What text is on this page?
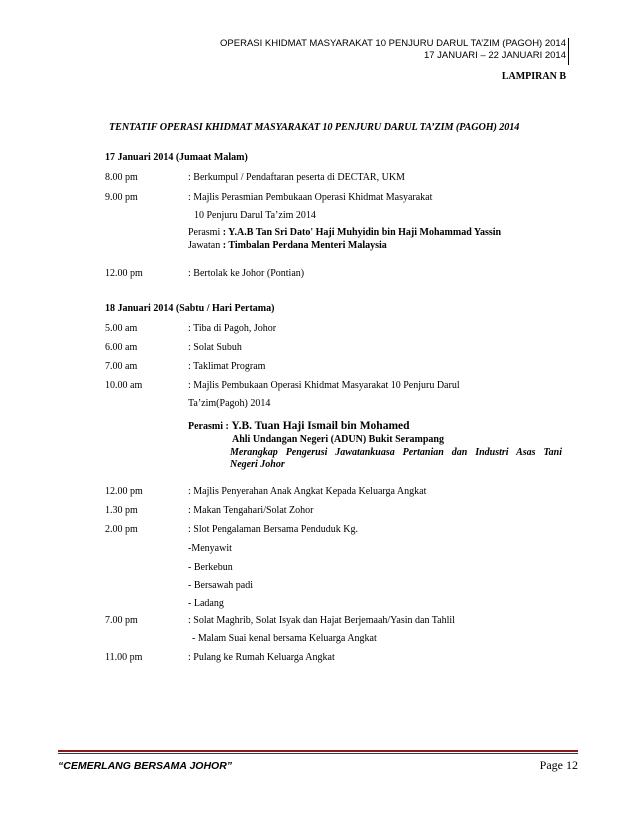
OPERASI KHIDMAT MASYARAKAT 10 PENJURU DARUL TA’ZIM (PAGOH) 2014
17 JANUARI – 22 JANUARI 2014
LAMPIRAN B
TENTATIF OPERASI KHIDMAT MASYARAKAT 10 PENJURU DARUL TA’ZIM (PAGOH) 2014
17 Januari 2014 (Jumaat Malam)
8.00 pm	: Berkumpul / Pendaftaran peserta di DECTAR, UKM
9.00 pm	: Majlis Perasmian Pembukaan Operasi Khidmat Masyarakat
10 Penjuru Darul Ta’zim 2014
Perasmi : Y.A.B Tan Sri Dato' Haji Muhyidin bin Haji Mohammad Yassin
Jawatan : Timbalan Perdana Menteri Malaysia
12.00 pm	: Bertolak ke Johor (Pontian)
18 Januari 2014 (Sabtu / Hari Pertama)
5.00 am	: Tiba di Pagoh, Johor
6.00 am	: Solat Subuh
7.00 am	: Taklimat Program
10.00 am	: Majlis Pembukaan Operasi Khidmat Masyarakat 10 Penjuru Darul
Ta’zim(Pagoh) 2014
Perasmi : Y.B. Tuan Haji Ismail bin Mohamed
Ahli Undangan Negeri (ADUN) Bukit Serampang
Merangkap Pengerusi Jawatankuasa Pertanian dan Industri Asas Tani
Negeri Johor
12.00 pm	: Majlis Penyerahan Anak Angkat Kepada Keluarga Angkat
1.30 pm	: Makan Tengahari/Solat Zohor
2.00 pm	: Slot Pengalaman Bersama Penduduk Kg.
-Menyawit
- Berkebun
- Bersawah padi
- Ladang
7.00 pm	: Solat Maghrib, Solat Isyak dan Hajat Berjemaah/Yasin dan Tahlil
- Malam Suai kenal bersama Keluarga Angkat
11.00 pm	: Pulang ke Rumah Keluarga Angkat
“CEMERLANG BERSAMA JOHOR”	Page 12
